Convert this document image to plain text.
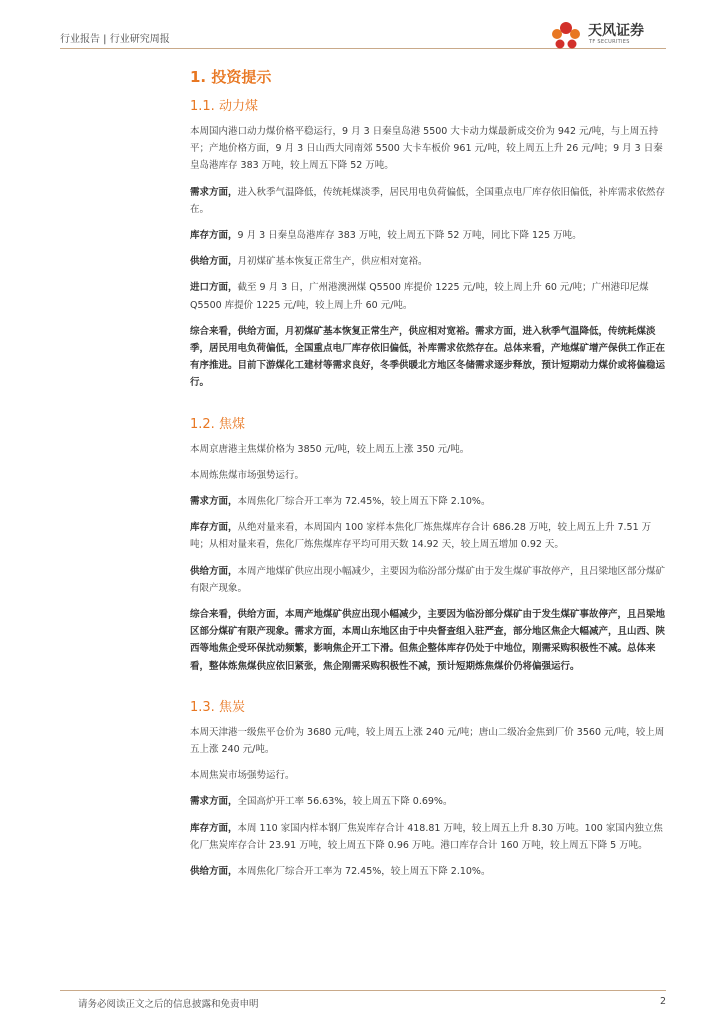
行业报告 | 行业研究周报
天风证券
TF SECURITIES
1. 投资提示
1.1. 动力煤

本周国内港口动力煤价格平稳运行，9 月 3 日秦皇岛港 5500 大卡动力煤最新成交价为 942 元/吨，与上周五持平；产地价格方面，9 月 3 日山西大同南郊 5500 大卡车板价 961 元/吨，较上周五上升 26 元/吨；9 月 3 日秦皇岛港库存 383 万吨，较上周五下降 52 万吨。

需求方面，进入秋季气温降低，传统耗煤淡季，居民用电负荷偏低，全国重点电厂库存依旧偏低，补库需求依然存在。

库存方面，9 月 3 日秦皇岛港库存 383 万吨，较上周五下降 52 万吨，同比下降 125 万吨。

供给方面，月初煤矿基本恢复正常生产，供应相对宽裕。

进口方面，截至 9 月 3 日，广州港澳洲煤 Q5500 库提价 1225 元/吨，较上周上升 60 元/吨；广州港印尼煤 Q5500 库提价 1225 元/吨，较上周上升 60 元/吨。

综合来看，供给方面，月初煤矿基本恢复正常生产，供应相对宽裕。需求方面，进入秋季气温降低，传统耗煤淡季，居民用电负荷偏低，全国重点电厂库存依旧偏低，补库需求依然存在。总体来看，产地煤矿增产保供工作正在有序推进。目前下游煤化工建材等需求良好，冬季供暖北方地区冬储需求逐步释放，预计短期动力煤价或将偏稳运行。

1.2. 焦煤

本周京唐港主焦煤价格为 3850 元/吨，较上周五上涨 350 元/吨。

本周炼焦煤市场强势运行。

需求方面，本周焦化厂综合开工率为 72.45%，较上周五下降 2.10%。

库存方面，从绝对量来看，本周国内 100 家样本焦化厂炼焦煤库存合计 686.28 万吨，较上周五上升 7.51 万吨；从相对量来看，焦化厂炼焦煤库存平均可用天数 14.92 天，较上周五增加 0.92 天。

供给方面，本周产地煤矿供应出现小幅减少，主要因为临汾部分煤矿由于发生煤矿事故停产，且吕梁地区部分煤矿有限产现象。

综合来看，供给方面，本周产地煤矿供应出现小幅减少，主要因为临汾部分煤矿由于发生煤矿事故停产，且吕梁地区部分煤矿有限产现象。需求方面，本周山东地区由于中央督查组入驻严查，部分地区焦企大幅减产，且山西、陕西等地焦企受环保扰动频繁，影响焦企开工下滑。但焦企整体库存仍处于中地位，刚需采购积极性不减。总体来看，整体炼焦煤供应依旧紧张，焦企刚需采购积极性不减，预计短期炼焦煤价仍将偏强运行。

1.3. 焦炭

本周天津港一级焦平仓价为 3680 元/吨，较上周五上涨 240 元/吨；唐山二级冶金焦到厂价 3560 元/吨，较上周五上涨 240 元/吨。

本周焦炭市场强势运行。

需求方面，全国高炉开工率 56.63%，较上周五下降 0.69%。

库存方面，本周 110 家国内样本钢厂焦炭库存合计 418.81 万吨，较上周五上升 8.30 万吨。100 家国内独立焦化厂焦炭库存合计 23.91 万吨，较上周五下降 0.96 万吨。港口库存合计 160 万吨，较上周五下降 5 万吨。

供给方面，本周焦化厂综合开工率为 72.45%，较上周五下降 2.10%。

请务必阅读正文之后的信息披露和免责申明	2
